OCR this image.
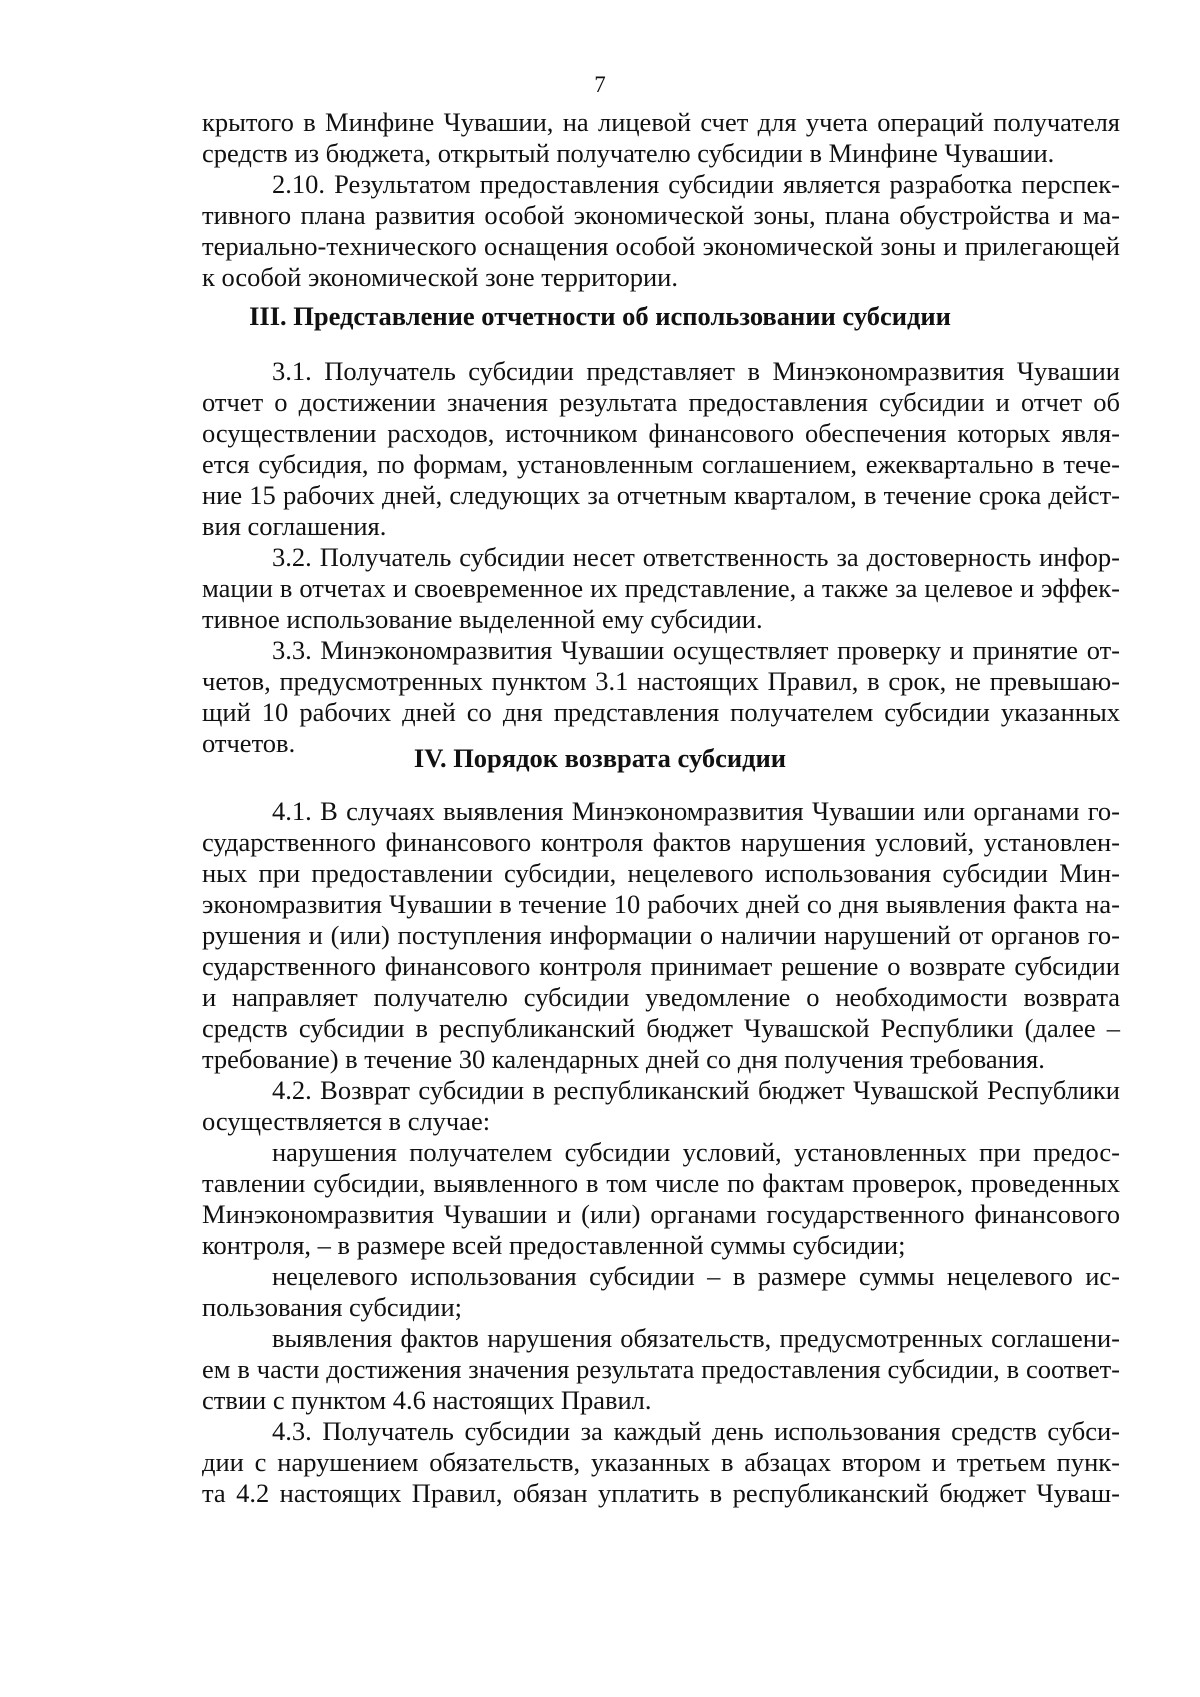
7
крытого в Минфине Чувашии, на лицевой счет для учета операций получателя
средств из бюджета, открытый получателю субсидии в Минфине Чувашии.
2.10. Результатом предоставления субсидии является разработка перспек-
тивного плана развития особой экономической зоны, плана обустройства и ма-
териально-технического оснащения особой экономической зоны и прилегающей
к особой экономической зоне территории.
III. Представление отчетности об использовании субсидии
3.1. Получатель субсидии представляет в Минэкономразвития Чувашии
отчет о достижении значения результата предоставления субсидии и отчет об
осуществлении расходов, источником финансового обеспечения которых явля-
ется субсидия, по формам, установленным соглашением, ежеквартально в тече-
ние 15 рабочих дней, следующих за отчетным кварталом, в течение срока дейст-
вия соглашения.
3.2. Получатель субсидии несет ответственность за достоверность инфор-
мации в отчетах и своевременное их представление, а также за целевое и эффек-
тивное использование выделенной ему субсидии.
3.3. Минэкономразвития Чувашии осуществляет проверку и принятие от-
четов, предусмотренных пунктом 3.1 настоящих Правил, в срок, не превышаю-
щий 10 рабочих дней со дня представления получателем субсидии указанных
отчетов.	IV. Порядок возврата субсидии
4.1. В случаях выявления Минэкономразвития Чувашии или органами го-
сударственного финансового контроля фактов нарушения условий, установлен-
ных при предоставлении субсидии, нецелевого использования субсидии Мин-
экономразвития Чувашии в течение 10 рабочих дней со дня выявления факта на-
рушения и (или) поступления информации о наличии нарушений от органов го-
сударственного финансового контроля принимает решение о возврате субсидии
и направляет получателю субсидии уведомление о необходимости возврата
средств субсидии в республиканский бюджет Чувашской Республики (далее –
требование) в течение 30 календарных дней со дня получения требования.
4.2. Возврат субсидии в республиканский бюджет Чувашской Республики
осуществляется в случае:
нарушения получателем субсидии условий, установленных при предос-
тавлении субсидии, выявленного в том числе по фактам проверок, проведенных
Минэкономразвития Чувашии и (или) органами государственного финансового
контроля, – в размере всей предоставленной суммы субсидии;
нецелевого использования субсидии – в размере суммы нецелевого ис-
пользования субсидии;
выявления фактов нарушения обязательств, предусмотренных соглашени-
ем в части достижения значения результата предоставления субсидии, в соответ-
ствии с пунктом 4.6 настоящих Правил.
4.3. Получатель субсидии за каждый день использования средств субси-
дии с нарушением обязательств, указанных в абзацах втором и третьем пунк-
та 4.2 настоящих Правил, обязан уплатить в республиканский бюджет Чуваш-
